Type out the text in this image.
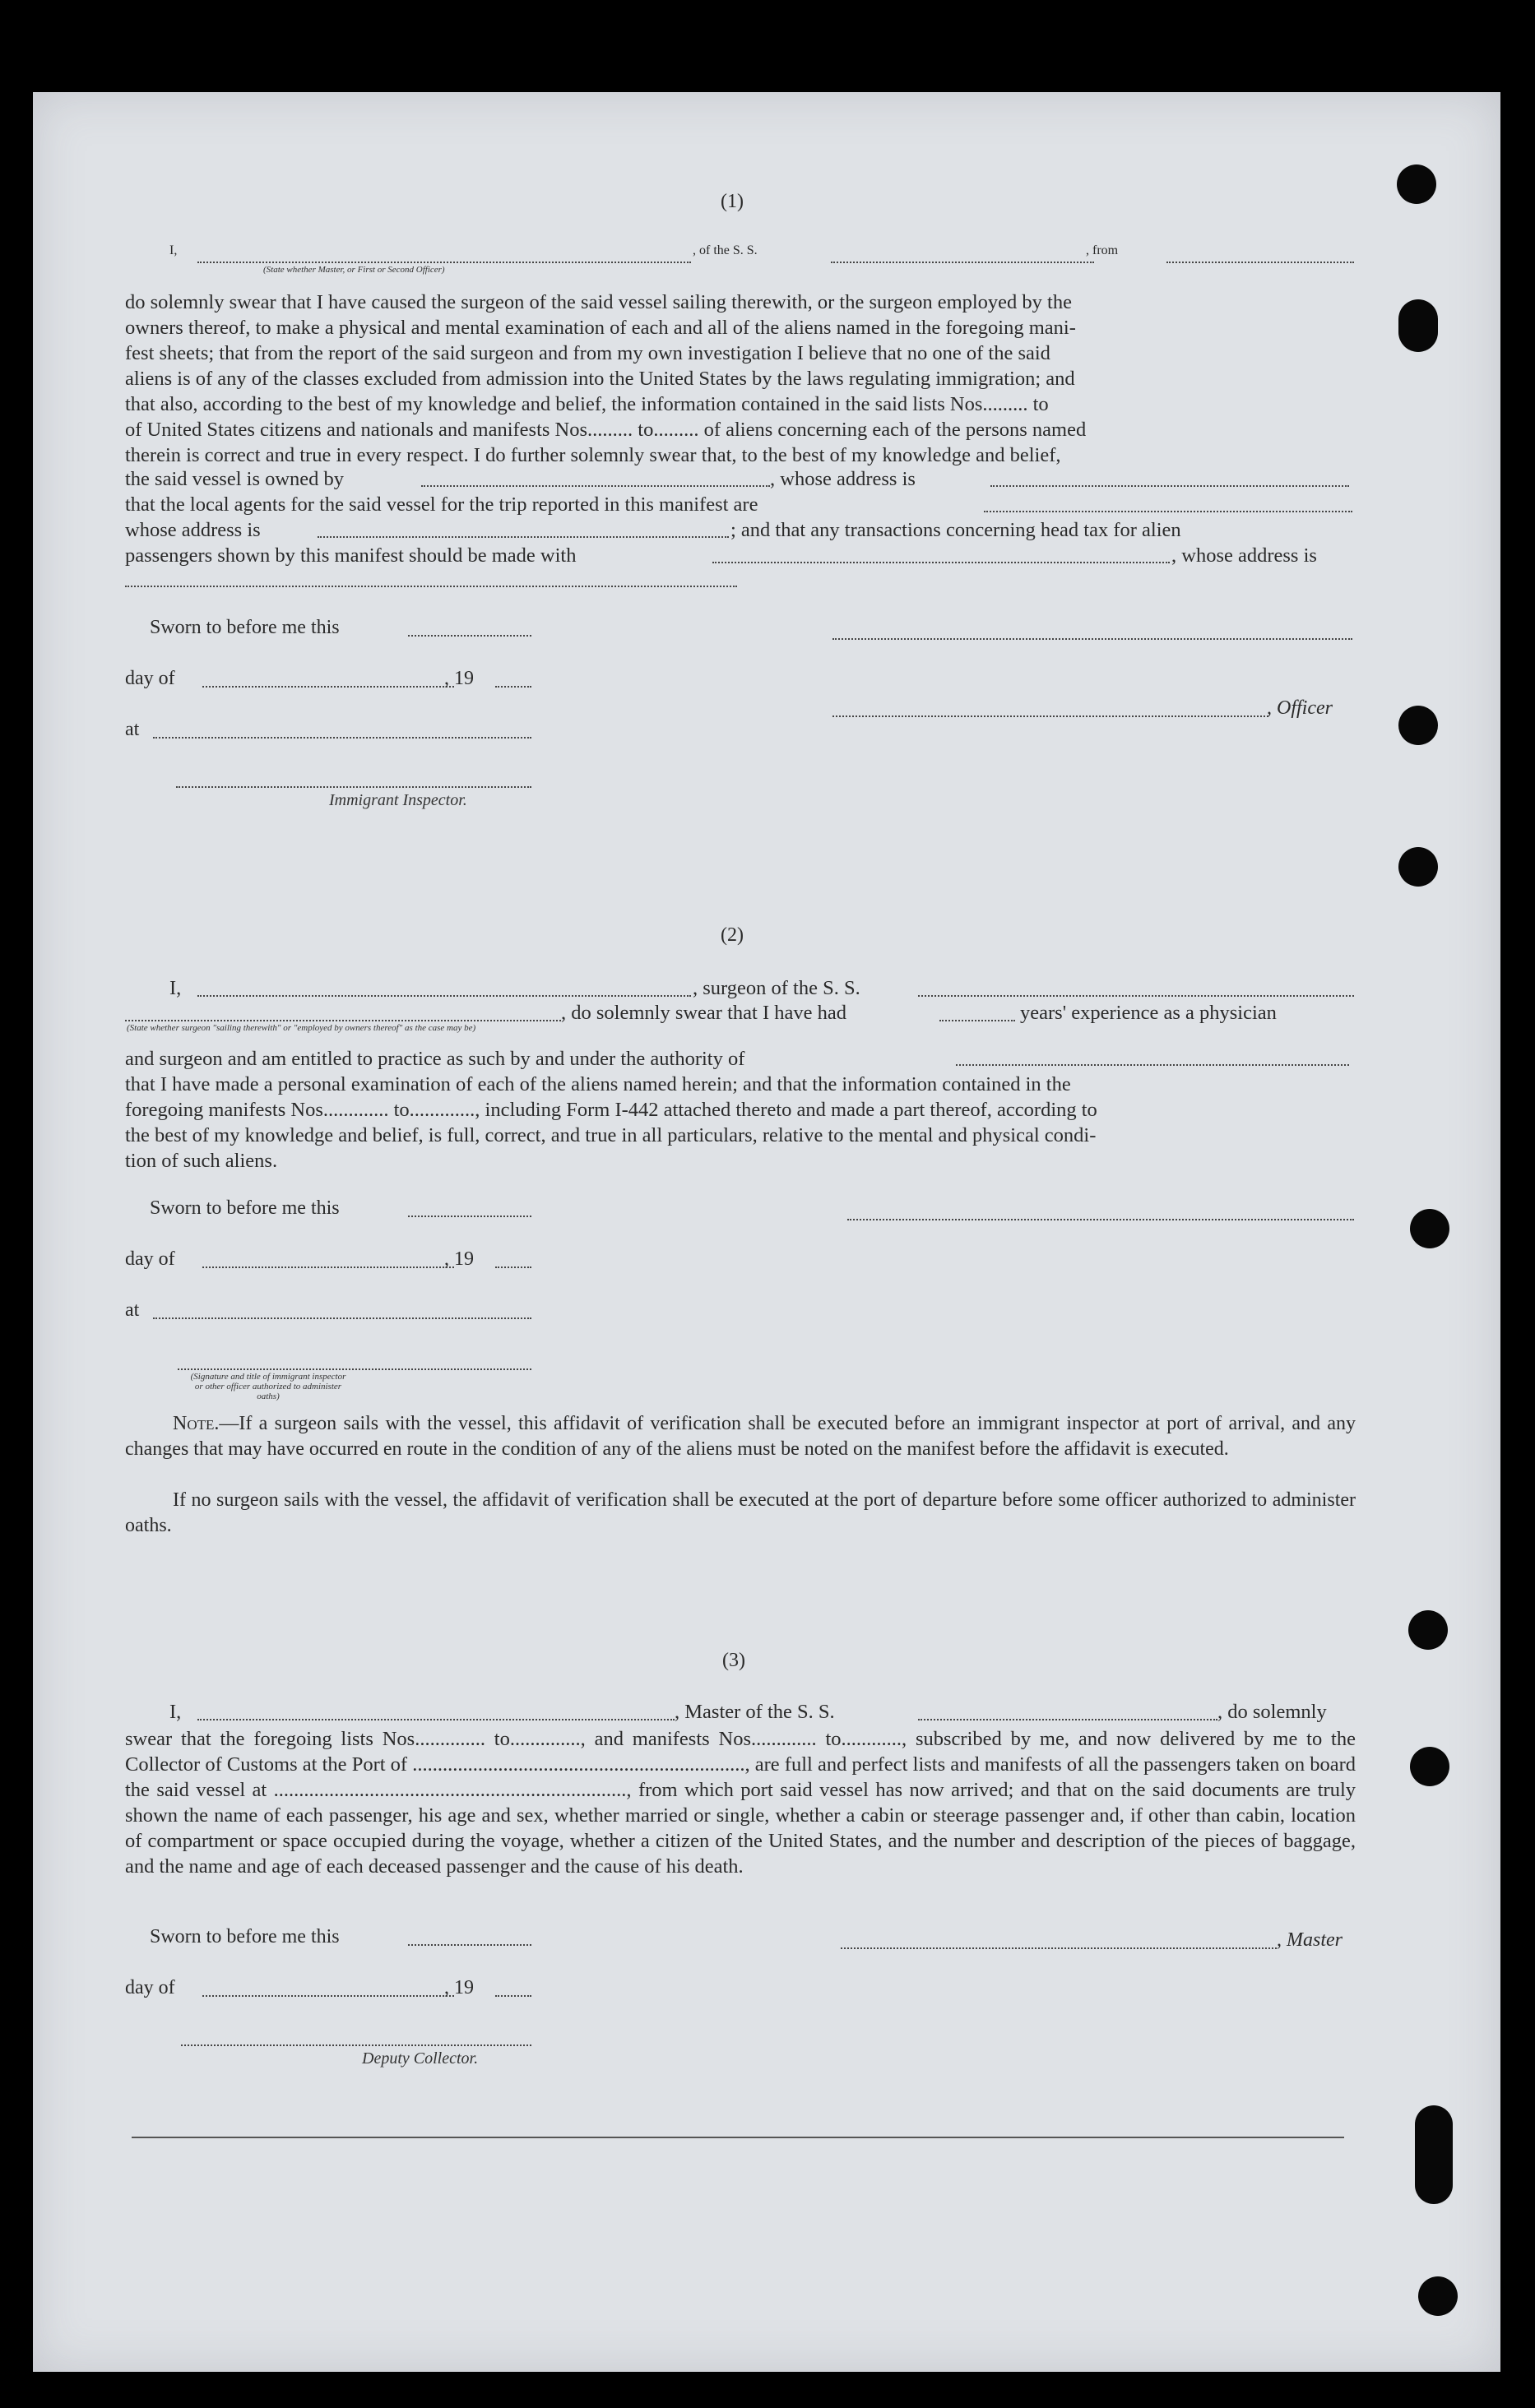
(1)
I,	, of the S. S.	, from
(State whether Master, or First or Second Officer)
do solemnly swear that I have caused the surgeon of the said vessel sailing therewith, or the surgeon employed by the
owners thereof, to make a physical and mental examination of each and all of the aliens named in the foregoing mani-
fest sheets; that from the report of the said surgeon and from my own investigation I believe that no one of the said
aliens is of any of the classes excluded from admission into the United States by the laws regulating immigration; and
that also, according to the best of my knowledge and belief, the information contained in the said lists Nos......... to
of United States citizens and nationals and manifests Nos......... to......... of aliens concerning each of the persons named
therein is correct and true in every respect. I do further solemnly swear that, to the best of my knowledge and belief,
the said vessel is owned by	, whose address is
that the local agents for the said vessel for the trip reported in this manifest are
whose address is	; and that any transactions concerning head tax for alien
passengers shown by this manifest should be made with	, whose address is
Sworn to before me this
day of	, 19
, Officer
at
Immigrant Inspector.
(2)
I,	, surgeon of the S. S.
, do solemnly swear that I have had	years' experience as a physician
(State whether surgeon "sailing therewith" or "employed by owners thereof" as the case may be)
and surgeon and am entitled to practice as such by and under the authority of
that I have made a personal examination of each of the aliens named herein; and that the information contained in the
foregoing manifests Nos............. to............., including Form I-442 attached thereto and made a part thereof, according to
the best of my knowledge and belief, is full, correct, and true in all particulars, relative to the mental and physical condi-
tion of such aliens.
Sworn to before me this
day of	, 19
at
(Signature and title of immigrant inspector or other officer authorized to administer oaths)
Note.—If a surgeon sails with the vessel, this affidavit of verification shall be executed before an immigrant inspector at port of arrival, and any changes that may have occurred en route in the condition of any of the aliens must be noted on the manifest before the affidavit is executed.
If no surgeon sails with the vessel, the affidavit of verification shall be executed at the port of departure before some officer authorized to administer oaths.
(3)
I,	, Master of the S. S.	, do solemnly
swear that the foregoing lists Nos.............. to.............., and manifests Nos............. to............, subscribed by me, and now delivered by me to the Collector of Customs at the Port of .................................................................., are full and perfect lists and manifests of all the passengers taken on board the said vessel at ......................................................................, from which port said vessel has now arrived; and that on the said documents are truly shown the name of each passenger, his age and sex, whether married or single, whether a cabin or steerage passenger and, if other than cabin, location of compartment or space occupied during the voyage, whether a citizen of the United States, and the number and description of the pieces of baggage, and the name and age of each deceased passenger and the cause of his death.
Sworn to before me this	, Master
day of	, 19
Deputy Collector.
